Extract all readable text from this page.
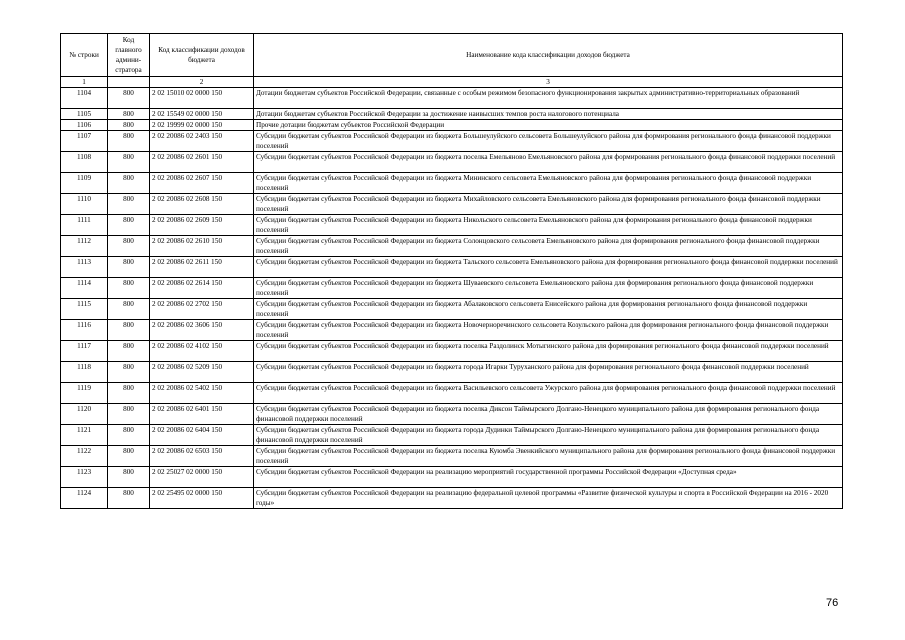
№ строки	Код главного админи-стратора	Код классификации доходов бюджета	Наименование кода классификации доходов бюджета
1		2	3
1104	800	2 02 15010 02 0000 150	Дотации бюджетам субъектов Российской Федерации, связанные с особым режимом безопасного функционирования закрытых административно-территориальных образований
1105	800	2 02 15549 02 0000 150	Дотации бюджетам субъектов Российской Федерации за достижение наивысших темпов роста налогового потенциала
1106	800	2 02 19999 02 0000 150	Прочие дотации бюджетам субъектов Российской Федерации
1107	800	2 02 20086 02 2403 150	Субсидии бюджетам субъектов Российской Федерации из бюджета Большеулуйского сельсовета Большеулуйского района для формирования регионального фонда финансовой поддержки поселений
1108	800	2 02 20086 02 2601 150	Субсидии бюджетам субъектов Российской Федерации из бюджета поселка Емельяново Емельяновского района для формирования регионального фонда финансовой поддержки поселений
1109	800	2 02 20086 02 2607 150	Субсидии бюджетам субъектов Российской Федерации из бюджета Мининского сельсовета Емельяновского района для формирования регионального фонда финансовой поддержки поселений
1110	800	2 02 20086 02 2608 150	Субсидии бюджетам субъектов Российской Федерации из бюджета Михайловского сельсовета Емельяновского района для формирования регионального фонда финансовой поддержки поселений
1111	800	2 02 20086 02 2609 150	Субсидии бюджетам субъектов Российской Федерации из бюджета Никольского сельсовета Емельяновского района для формирования регионального фонда финансовой поддержки поселений
1112	800	2 02 20086 02 2610 150	Субсидии бюджетам субъектов Российской Федерации из бюджета Солонцовского сельсовета Емельяновского района для формирования регионального фонда финансовой поддержки поселений
1113	800	2 02 20086 02 2611 150	Субсидии бюджетам субъектов Российской Федерации из бюджета Тальского сельсовета Емельяновского района для формирования регионального фонда финансовой поддержки поселений
1114	800	2 02 20086 02 2614 150	Субсидии бюджетам субъектов Российской Федерации из бюджета Шуваевского сельсовета Емельяновского района для формирования регионального фонда финансовой поддержки поселений
1115	800	2 02 20086 02 2702 150	Субсидии бюджетам субъектов Российской Федерации из бюджета Абалаковского сельсовета Енисейского района для формирования регионального фонда финансовой поддержки поселений
1116	800	2 02 20086 02 3606 150	Субсидии бюджетам субъектов Российской Федерации из бюджета Новочерноречинского сельсовета Козульского района для формирования регионального фонда финансовой поддержки поселений
1117	800	2 02 20086 02 4102 150	Субсидии бюджетам субъектов Российской Федерации из бюджета поселка Раздолинск Мотыгинского района для формирования регионального фонда финансовой поддержки поселений
1118	800	2 02 20086 02 5209 150	Субсидии бюджетам субъектов Российской Федерации из бюджета города Игарки Туруханского района для формирования регионального фонда финансовой поддержки поселений
1119	800	2 02 20086 02 5402 150	Субсидии бюджетам субъектов Российской Федерации из бюджета Васильевского сельсовета Ужурского района для формирования регионального фонда финансовой поддержки поселений
1120	800	2 02 20086 02 6401 150	Субсидии бюджетам субъектов Российской Федерации из бюджета поселка Диксон Таймырского Долгано-Ненецкого муниципального района для формирования регионального фонда финансовой поддержки поселений
1121	800	2 02 20086 02 6404 150	Субсидии бюджетам субъектов Российской Федерации из бюджета города Дудинки Таймырского Долгано-Ненецкого муниципального района для формирования регионального фонда финансовой поддержки поселений
1122	800	2 02 20086 02 6503 150	Субсидии бюджетам субъектов Российской Федерации из бюджета поселка Куюмба Эвенкийского муниципального района для формирования регионального фонда финансовой поддержки поселений
1123	800	2 02 25027 02 0000 150	Субсидии бюджетам субъектов Российской Федерации на реализацию мероприятий государственной программы Российской Федерации «Доступная среда»
1124	800	2 02 25495 02 0000 150	Субсидии бюджетам субъектов Российской Федерации на реализацию федеральной целевой программы «Развитие физической культуры и спорта в Российской Федерации на 2016 - 2020 годы»
76
